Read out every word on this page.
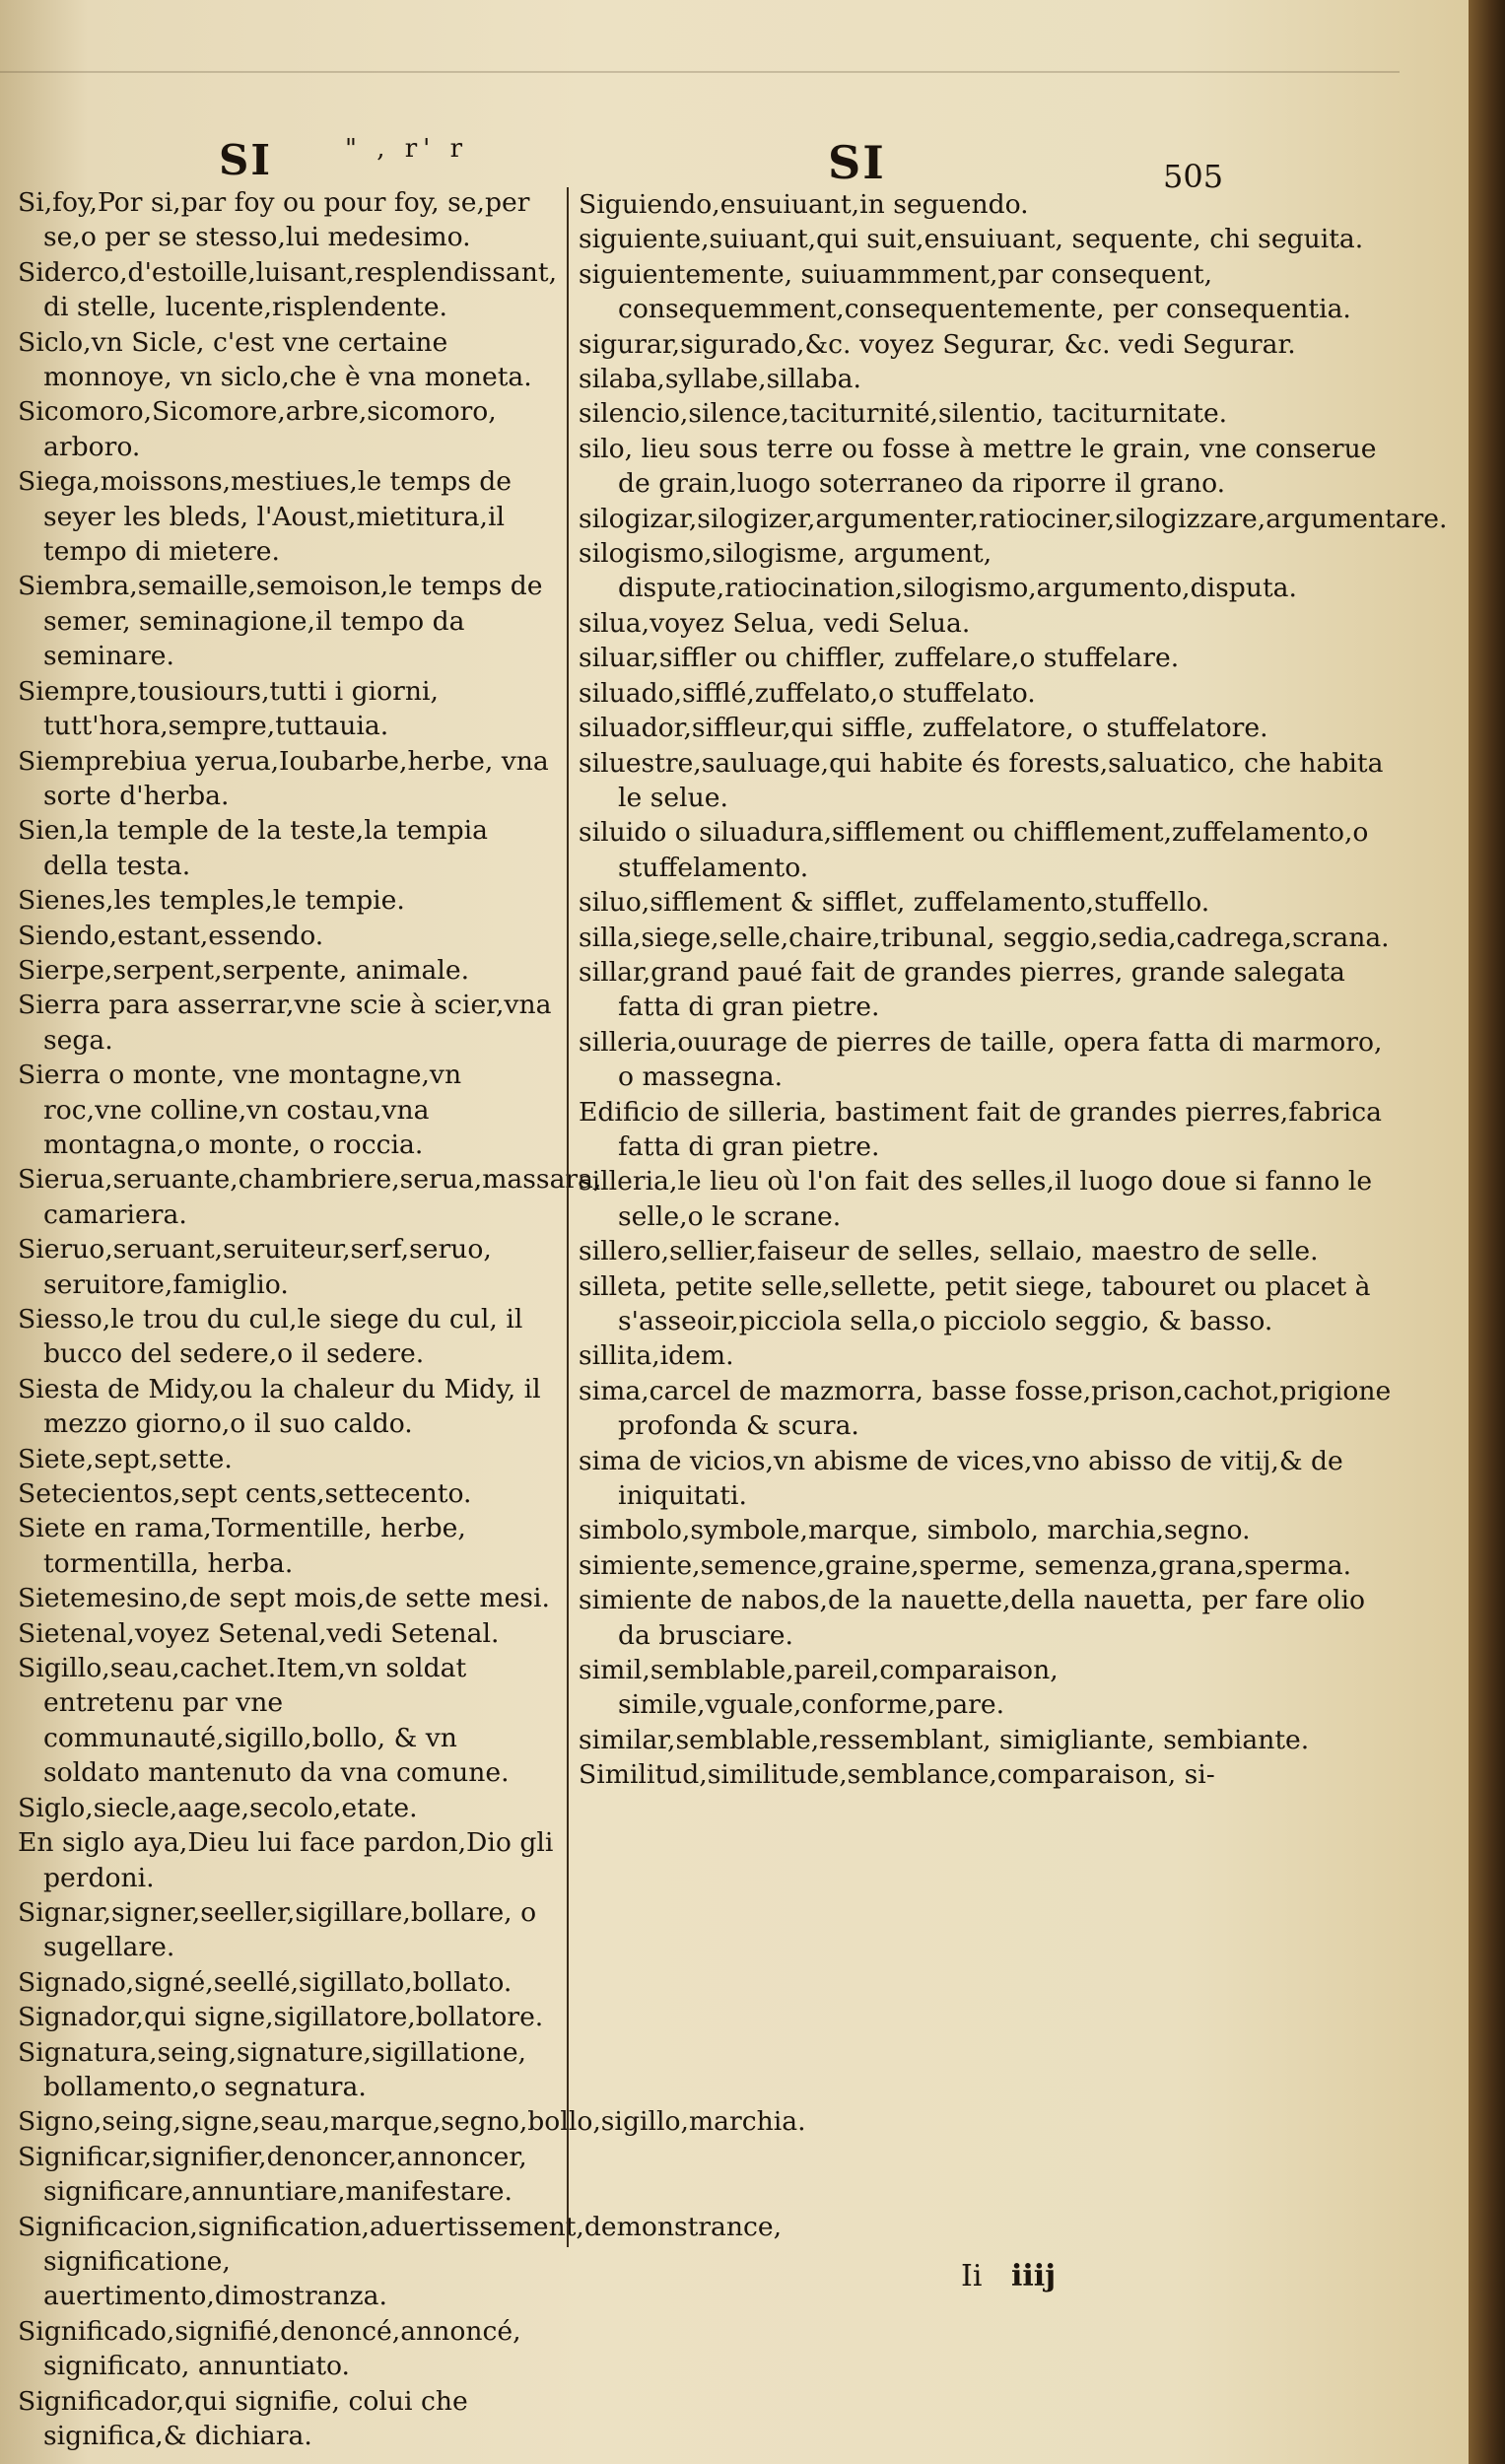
SI	" , r' r	SI	505

Si,foy,Por si,par foy ou pour foy, se,per se,o per se stesso,lui medesimo.

Siderco,d'estoille,luisant,resplendissant, di stelle, lucente,risplendente.

Siclo,vn Sicle, c'est vne certaine monnoye, vn siclo,che è vna moneta.

Sicomoro,Sicomore,arbre,sicomoro, arboro.

Siega,moissons,mestiues,le temps de seyer les bleds, l'Aoust,mietitura,il tempo di mietere.

Siembra,semaille,semoison,le temps de semer, seminagione,il tempo da seminare.

Siempre,tousiours,tutti i giorni, tutt'hora,sempre,tuttauia.

Siemprebiua yerua,Ioubarbe,herbe, vna sorte d'herba.

Sien,la temple de la teste,la tempia della testa.

Sienes,les temples,le tempie.

Siendo,estant,essendo.

Sierpe,serpent,serpente, animale.

Sierra para asserrar,vne scie à scier,vna sega.

Sierra o monte, vne montagne,vn roc,vne colline,vn costau,vna montagna,o monte, o roccia.

Sierua,seruante,chambriere,serua,massara, camariera.

Sieruo,seruant,seruiteur,serf,seruo, seruitore,famiglio.

Siesso,le trou du cul,le siege du cul, il bucco del sedere,o il sedere.

Siesta de Midy,ou la chaleur du Midy, il mezzo giorno,o il suo caldo.

Siete,sept,sette.

Setecientos,sept cents,settecento.

Siete en rama,Tormentille, herbe, tormentilla, herba.

Sietemesino,de sept mois,de sette mesi.

Sietenal,voyez Setenal,vedi Setenal.

Sigillo,seau,cachet.Item,vn soldat entretenu par vne communauté,sigillo,bollo, & vn soldato mantenuto da vna comune.

Siglo,siecle,aage,secolo,etate.

En siglo aya,Dieu lui face pardon,Dio gli perdoni.

Signar,signer,seeller,sigillare,bollare, o sugellare.

Signado,signé,seellé,sigillato,bollato.

Signador,qui signe,sigillatore,bollatore.

Signatura,seing,signature,sigillatione, bollamento,o segnatura.

Signo,seing,signe,seau,marque,segno,bollo,sigillo,marchia.

Significar,signifier,denoncer,annoncer, significare,annuntiare,manifestare.

Significacion,signification,aduertissement,demonstrance, significatione, auertimento,dimostranza.

Significado,signifié,denoncé,annoncé, significato, annuntiato.

Significador,qui signifie, colui che significa,& dichiara.

Siguiendo,ensuiuant,in seguendo.

siguiente,suiuant,qui suit,ensuiuant, sequente, chi seguita.

siguientemente, suiuammment,par consequent, consequemment,consequentemente, per consequentia.

sigurar,sigurado,&c. voyez Segurar, &c. vedi Segurar.

silaba,syllabe,sillaba.

silencio,silence,taciturnité,silentio, taciturnitate.

silo, lieu sous terre ou fosse à mettre le grain, vne conserue de grain,luogo soterraneo da riporre il grano.

silogizar,silogizer,argumenter,ratiociner,silogizzare,argumentare.

silogismo,silogisme, argument, dispute,ratiocination,silogismo,argumento,disputa.

silua,voyez Selua, vedi Selua.

siluar,siffler ou chiffler, zuffelare,o stuffelare.

siluado,sifflé,zuffelato,o stuffelato.

siluador,siffleur,qui siffle, zuffelatore, o stuffelatore.

siluestre,sauluage,qui habite és forests,saluatico, che habita le selue.

siluido o siluadura,sifflement ou chifflement,zuffelamento,o stuffelamento.

siluo,sifflement & sifflet, zuffelamento,stuffello.

silla,siege,selle,chaire,tribunal, seggio,sedia,cadrega,scrana.

sillar,grand paué fait de grandes pierres, grande salegata fatta di gran pietre.

silleria,ouurage de pierres de taille, opera fatta di marmoro, o massegna.

Edificio de silleria, bastiment fait de grandes pierres,fabrica fatta di gran pietre.

silleria,le lieu où l'on fait des selles,il luogo doue si fanno le selle,o le scrane.

sillero,sellier,faiseur de selles, sellaio, maestro de selle.

silleta, petite selle,sellette, petit siege, tabouret ou placet à s'asseoir,picciola sella,o picciolo seggio, & basso.

sillita,idem.

sima,carcel de mazmorra, basse fosse,prison,cachot,prigione profonda & scura.

sima de vicios,vn abisme de vices,vno abisso de vitij,& de iniquitati.

simbolo,symbole,marque, simbolo, marchia,segno.

simiente,semence,graine,sperme, semenza,grana,sperma.

simiente de nabos,de la nauette,della nauetta, per fare olio da brusciare.

simil,semblable,pareil,comparaison, simile,vguale,conforme,pare.

similar,semblable,ressemblant, simigliante, sembiante.

Similitud,similitude,semblance,comparaison, si-

Ii iiij
